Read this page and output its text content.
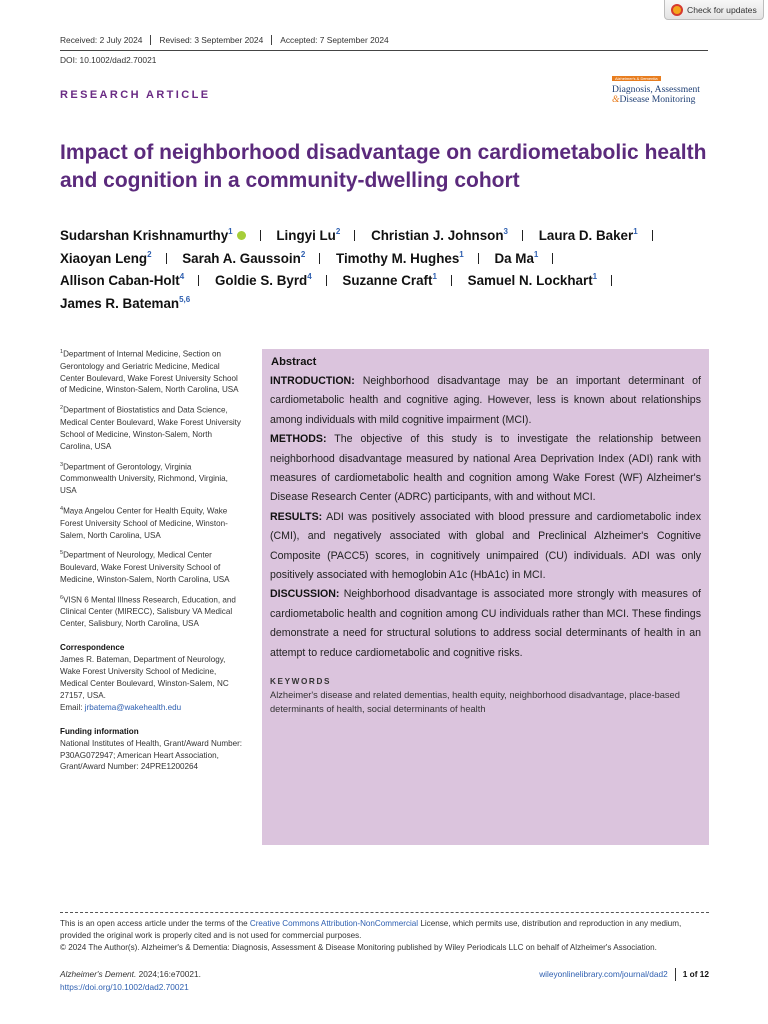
Check for updates
Received: 2 July 2024	Revised: 3 September 2024	Accepted: 7 September 2024
DOI: 10.1002/dad2.70021
Alzheimer's & Dementia
Diagnosis, Assessment
&Disease Monitoring
RESEARCH ARTICLE
Impact of neighborhood disadvantage on cardiometabolic health and cognition in a community-dwelling cohort
Sudarshan Krishnamurthy$^1$	Lingyi Lu$^2$ Christian J. Johnson$^3$ Laura D. Baker$^1$ Xiaoyan Leng$^2$ Sarah A. Gaussoin$^2$ Timothy M. Hughes$^1$ Da Ma$^1$ Allison Caban-Holt$^4$ Goldie S. Byrd$^4$ Suzanne Craft$^1$ Samuel N. Lockhart$^1$ James R. Bateman$^{5,6}$
$^1$Department of Internal Medicine, Section on Gerontology and Geriatric Medicine, Medical Center Boulevard, Wake Forest University School of Medicine, Winston-Salem, North Carolina, USA
$^2$Department of Biostatistics and Data Science, Medical Center Boulevard, Wake Forest University School of Medicine, Winston-Salem, North Carolina, USA
$^3$Department of Gerontology, Virginia Commonwealth University, Richmond, Virginia, USA
$^4$Maya Angelou Center for Health Equity, Wake Forest University School of Medicine, Winston-Salem, North Carolina, USA
$^5$Department of Neurology, Medical Center Boulevard, Wake Forest University School of Medicine, Winston-Salem, North Carolina, USA
$^6$VISN 6 Mental Illness Research, Education, and Clinical Center (MIRECC), Salisbury VA Medical Center, Salisbury, North Carolina, USA
Correspondence
James R. Bateman, Department of Neurology, Wake Forest University School of Medicine, Medical Center Boulevard, Winston-Salem, NC 27157, USA.
Email: jrbatema@wakehealth.edu
Funding information
National Institutes of Health, Grant/Award Number: P30AG072947; American Heart Association, Grant/Award Number: 24PRE1200264
Abstract
INTRODUCTION: Neighborhood disadvantage may be an important determinant of cardiometabolic health and cognitive aging. However, less is known about relationships among individuals with mild cognitive impairment (MCI).
METHODS: The objective of this study is to investigate the relationship between neighborhood disadvantage measured by national Area Deprivation Index (ADI) rank with measures of cardiometabolic health and cognition among Wake Forest (WF) Alzheimer's Disease Research Center (ADRC) participants, with and without MCI.
RESULTS: ADI was positively associated with blood pressure and cardiometabolic index (CMI), and negatively associated with global and Preclinical Alzheimer's Cognitive Composite (PACC5) scores, in cognitively unimpaired (CU) individuals. ADI was only positively associated with hemoglobin A1c (HbA1c) in MCI.
DISCUSSION: Neighborhood disadvantage is associated more strongly with measures of cardiometabolic health and cognition among CU individuals rather than MCI. These findings demonstrate a need for structural solutions to address social determinants of health in an attempt to reduce cardiometabolic and cognitive risks.
KEYWORDS
Alzheimer's disease and related dementias, health equity, neighborhood disadvantage, place-based determinants of health, social determinants of health
This is an open access article under the terms of the Creative Commons Attribution-NonCommercial License, which permits use, distribution and reproduction in any medium, provided the original work is properly cited and is not used for commercial purposes.
© 2024 The Author(s). Alzheimer's & Dementia: Diagnosis, Assessment & Disease Monitoring published by Wiley Periodicals LLC on behalf of Alzheimer's Association.
Alzheimer's Dement. 2024;16:e70021.
https://doi.org/10.1002/dad2.70021
wileyonlinelibrary.com/journal/dad2	1 of 12
